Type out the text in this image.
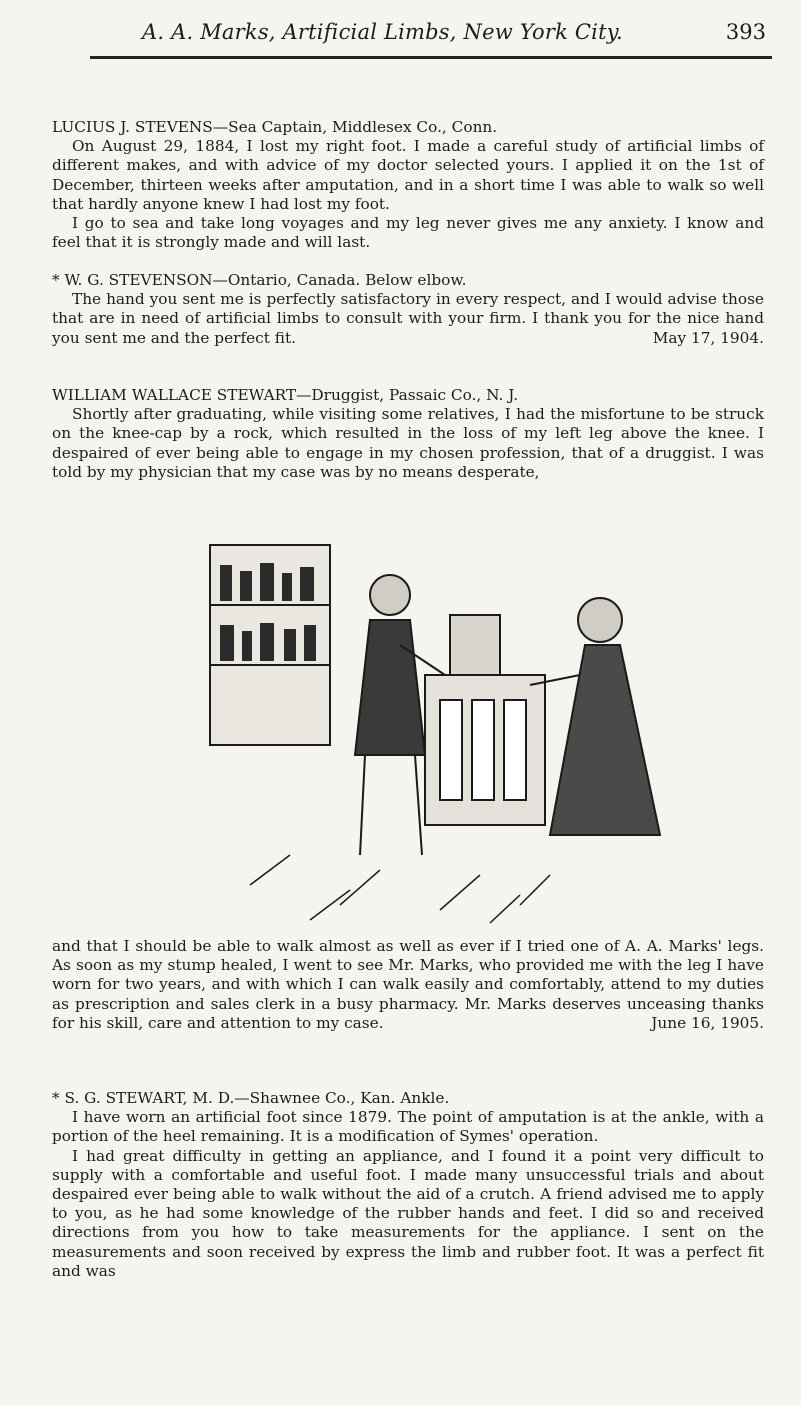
A. A. Marks, Artificial Limbs, New York City.	393

LUCIUS J. STEVENS—Sea Captain, Middlesex Co., Conn.

On August 29, 1884, I lost my right foot. I made a careful study of artificial limbs of different makes, and with advice of my doctor selected yours. I applied it on the 1st of December, thirteen weeks after amputation, and in a short time I was able to walk so well that hardly anyone knew I had lost my foot.

I go to sea and take long voyages and my leg never gives me any anxiety. I know and feel that it is strongly made and will last.

* W. G. STEVENSON—Ontario, Canada. Below elbow.

The hand you sent me is perfectly satisfactory in every respect, and I would advise those that are in need of artificial limbs to consult with your firm. I thank you for the nice hand you sent me and the perfect fit.	May 17, 1904.

WILLIAM WALLACE STEWART—Druggist, Passaic Co., N. J.

Shortly after graduating, while visiting some relatives, I had the misfortune to be struck on the knee-cap by a rock, which resulted in the loss of my left leg above the knee. I despaired of ever being able to engage in my chosen profession, that of a druggist. I was told by my physician that my case was by no means desperate,

and that I should be able to walk almost as well as ever if I tried one of A. A. Marks' legs. As soon as my stump healed, I went to see Mr. Marks, who provided me with the leg I have worn for two years, and with which I can walk easily and comfortably, attend to my duties as prescription and sales clerk in a busy pharmacy. Mr. Marks deserves unceasing thanks for his skill, care and attention to my case.	June 16, 1905.

* S. G. STEWART, M. D.—Shawnee Co., Kan. Ankle.

I have worn an artificial foot since 1879. The point of amputation is at the ankle, with a portion of the heel remaining. It is a modification of Symes' operation.

I had great difficulty in getting an appliance, and I found it a point very difficult to supply with a comfortable and useful foot. I made many unsuccessful trials and about despaired ever being able to walk without the aid of a crutch. A friend advised me to apply to you, as he had some knowledge of the rubber hands and feet. I did so and received directions from you how to take measurements for the appliance. I sent on the measurements and soon received by express the limb and rubber foot. It was a perfect fit and was
